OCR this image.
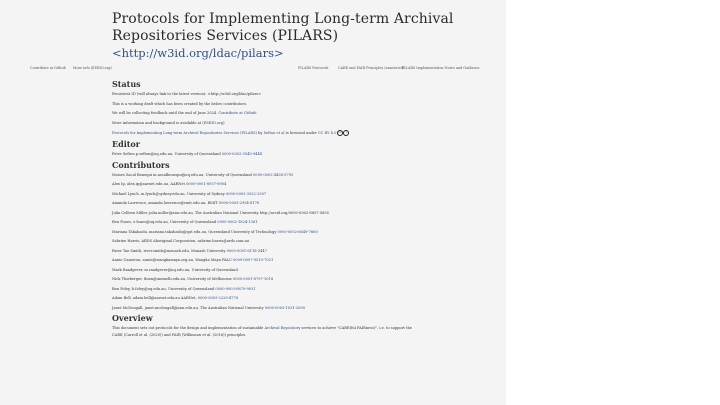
Protocols for Implementing Long-term Archival
Repositories Services (PILARS)
<http://w3id.org/ldac/pilars>
Contribute at Github More info (ESRIO.org)	PILARS Protocols	CARE and FAIR Principles (annotated)
PILARS Implementation Notes and Guidance
Status

Persistent ID (will always link to the latest version): <http://w3id.org/ldac/pilars>

This is a working draft which has been created by the below contributors.

We will be collecting feedback until the end of June 2024. Contribute at Github

More information and background is available at (ESRIO.org)

Protocols for Implementing Long-term Archival Repositories Services (PILARS) by Sefton et al is licensed under CC BY 4.0 cc i

Editor

Peter Sefton p.sefton@uq.edu.au, University of Queensland 0000-0002-3545-944X

Contributors

Moises Sacal Bonequi m.sacalbonequi@uq.edu.au, University of Queensland 0000-0002-4436-5795

Alex Ip, alex.ip@aarnet.edu.au, AARNet 0000-0001-8937-8904

Michael Lynch, m.lynch@sydney.edu.au, University of Sydney 0000-0002-3922-2307

Amanda Lawrence, amanda.lawrence@rmit.edu.au, RMIT 0000-0003-2954-8178

Julia Colleen Miller, julia.miller@anu.edu.au, The Australian National University http://orcid.org/0000-0002-8857-5855

Ben Foaes, e.foaes@uq.edu.au, University of Queensland 0000-0002-1824-1361

Mariana Takahashi, mariana.takahashi@qut.edu.au, Queensland University of Technology 0000-0002-6649-7660

Sabrine Harris, ARDS Aboriginal Corporation, sabrine.harris@ards.com.au

River Tae Smith, river.smith@monash.edu, Monash University 0000-0001-6118-3447

Annie Cameron, annie@wangkamaya.org.au, Wangka Maya PALC 0009-0007-9510-7021

Mark Raadgever, m.raadgever@uq.edu.au, University of Queensland

Nick Thieberger, thien@unimelb.edu.au, University of Melbourne 0000-0001-8797-1018

Ben Foley, b.foley@uq.edu.au, University of Queensland 0000-0003-0879-9031

Adam Bell, adam.bell@aarnet.edu.au AARNet, 0000-0003-2229-4778

Janet McDougall, janet.mcdougall@anu.edu.au, The Australian National University 0000-0003-1031-2090

Overview

This document sets out protocols for the design and implementation of sustainable Archival Repository services to achieve "CARE(ful FAIRness)", i.e. to support the

CARE (Carroll et al. (2020)) and FAIR (Wilkinson et al. (2016)) principles.
